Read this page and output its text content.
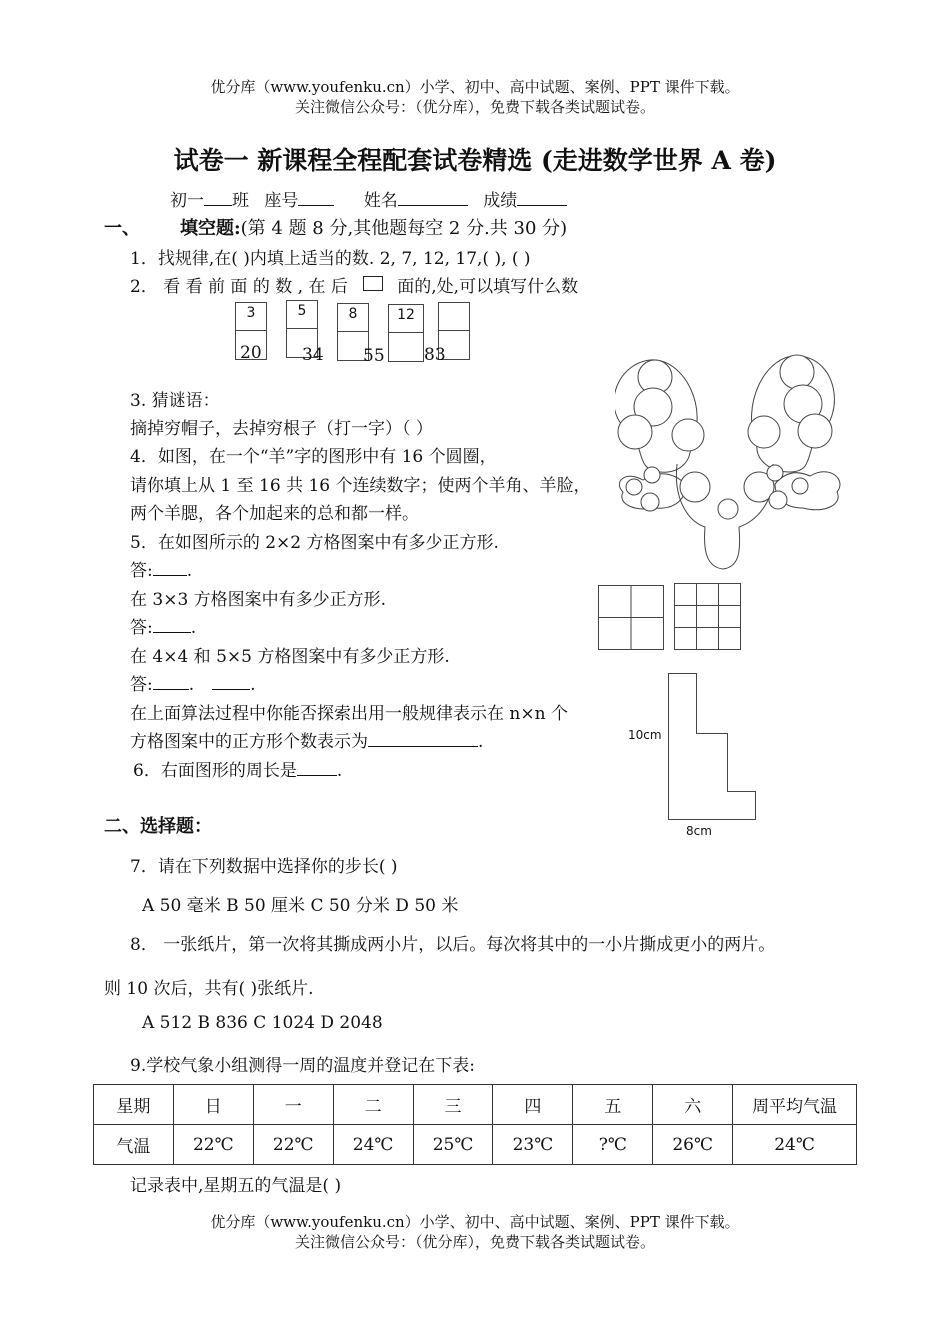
优分库（www.youfenku.cn）小学、初中、高中试题、案例、PPT 课件下载。
关注微信公众号：（优分库），免费下载各类试题试卷。
试卷一 新课程全程配套试卷精选 (走进数学世界 A 卷)
初一 班 座号	姓名	成绩
一、 填空题:(第 4 题 8 分,其他题每空 2 分.共 30 分)
1．找规律,在( )内填上适当的数. 2, 7, 12, 17,( ), ( )
2． 看 看 前 面 的 数 , 在 后	面的,处,可以填写什么数
3	5	8	12
20 34 55 83
3. 猜谜语：
摘掉穷帽子，去掉穷根子（打一字）（ ）
4．如图，在一个“羊”字的图形中有 16 个圆圈，
请你填上从 1 至 16 共 16 个连续数字；使两个羊角、羊脸，
两个羊腮，各个加起来的总和都一样。
5．在如图所示的 2×2 方格图案中有多少正方形.
答: .
在 3×3 方格图案中有多少正方形.
答: .
在 4×4 和 5×5 方格图案中有多少正方形.
答: .	.
在上面算法过程中你能否探索出用一般规律表示在 n×n 个
方格图案中的正方形个数表示为	.
6．右面图形的周长是 .
10cm
8cm
二、选择题：
7．请在下列数据中选择你的步长( )
A 50 毫米 B 50 厘米 C 50 分米 D 50 米
8． 一张纸片，第一次将其撕成两小片，以后。每次将其中的一小片撕成更小的两片。
则 10 次后，共有( )张纸片.
A 512 B 836 C 1024 D 2048
9.学校气象小组测得一周的温度并登记在下表:
星期	日	一	二	三	四	五	六	周平均气温
气温	22℃	22℃	24℃	25℃	23℃	?℃	26℃	24℃
记录表中,星期五的气温是( )
优分库（www.youfenku.cn）小学、初中、高中试题、案例、PPT 课件下载。
关注微信公众号：（优分库），免费下载各类试题试卷。
